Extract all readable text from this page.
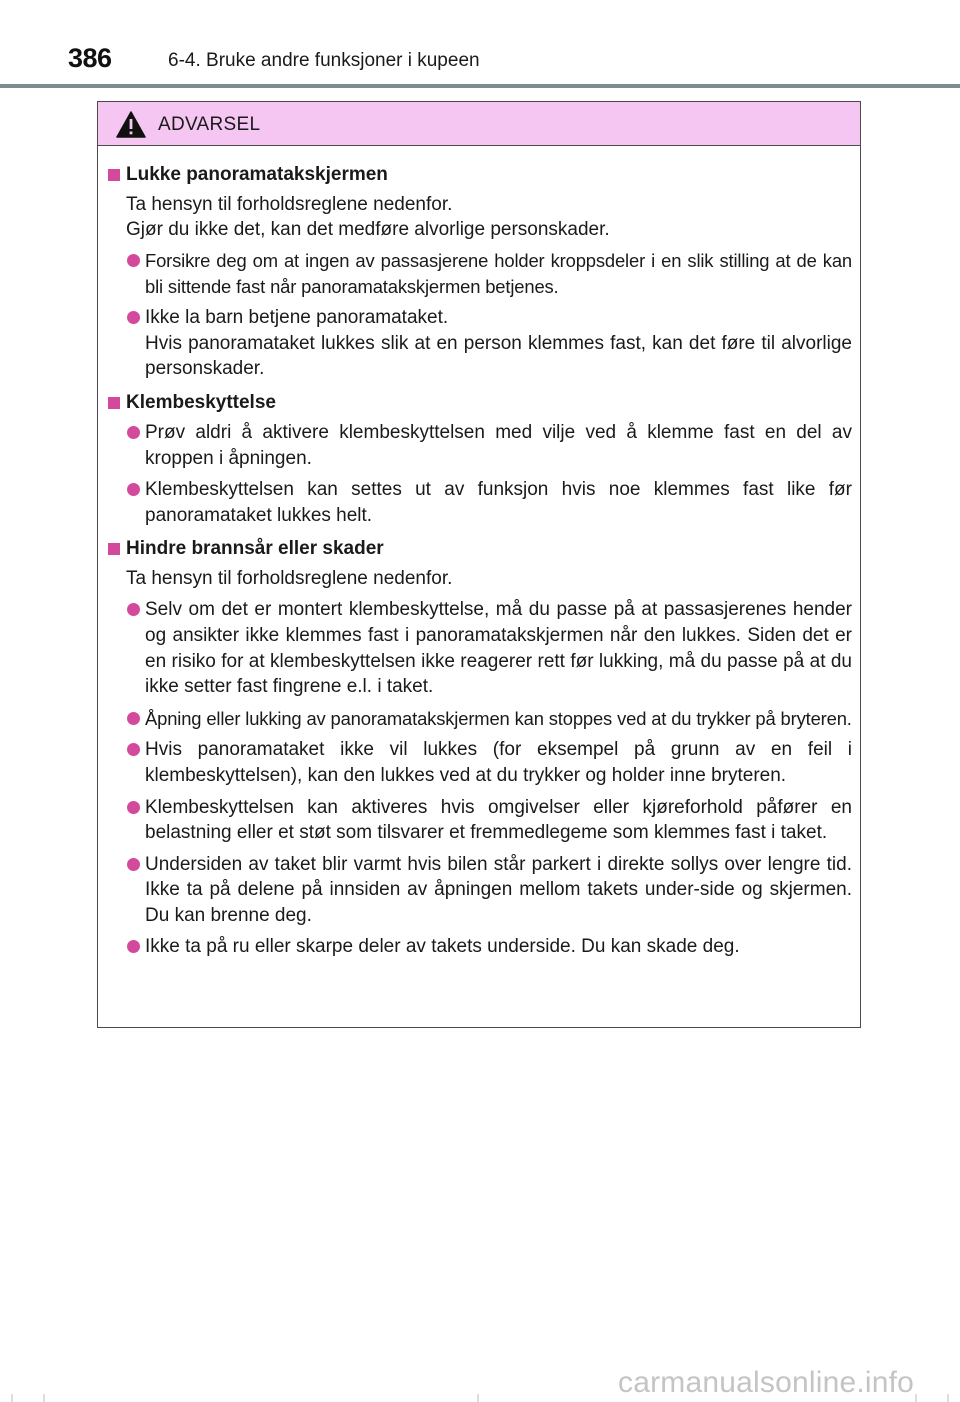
386	6-4. Bruke andre funksjoner i kupeen
ADVARSEL
Lukke panoramatakskjermen

Ta hensyn til forholdsreglene nedenfor.

Gjør du ikke det, kan det medføre alvorlige personskader.

Forsikre deg om at ingen av passasjerene holder kroppsdeler i en slik stilling at de kan bli sittende fast når panoramatakskjermen betjenes.

Ikke la barn betjene panoramataket.

Hvis panoramataket lukkes slik at en person klemmes fast, kan det føre til alvorlige personskader.

Klembeskyttelse

Prøv aldri å aktivere klembeskyttelsen med vilje ved å klemme fast en del av kroppen i åpningen.

Klembeskyttelsen kan settes ut av funksjon hvis noe klemmes fast like før panoramataket lukkes helt.

Hindre brannsår eller skader

Ta hensyn til forholdsreglene nedenfor.

Selv om det er montert klembeskyttelse, må du passe på at passasjerenes hender og ansikter ikke klemmes fast i panoramatakskjermen når den lukkes. Siden det er en risiko for at klembeskyttelsen ikke reagerer rett før lukking, må du passe på at du ikke setter fast fingrene e.l. i taket.

Åpning eller lukking av panoramatakskjermen kan stoppes ved at du trykker på bryteren.

Hvis panoramataket ikke vil lukkes (for eksempel på grunn av en feil i klembeskyttelsen), kan den lukkes ved at du trykker og holder inne bryteren.

Klembeskyttelsen kan aktiveres hvis omgivelser eller kjøreforhold påfører en belastning eller et støt som tilsvarer et fremmedlegeme som klemmes fast i taket.

Undersiden av taket blir varmt hvis bilen står parkert i direkte sollys over lengre tid. Ikke ta på delene på innsiden av åpningen mellom takets under-side og skjermen. Du kan brenne deg.

Ikke ta på ru eller skarpe deler av takets underside. Du kan skade deg.

carmanualsonline.info
